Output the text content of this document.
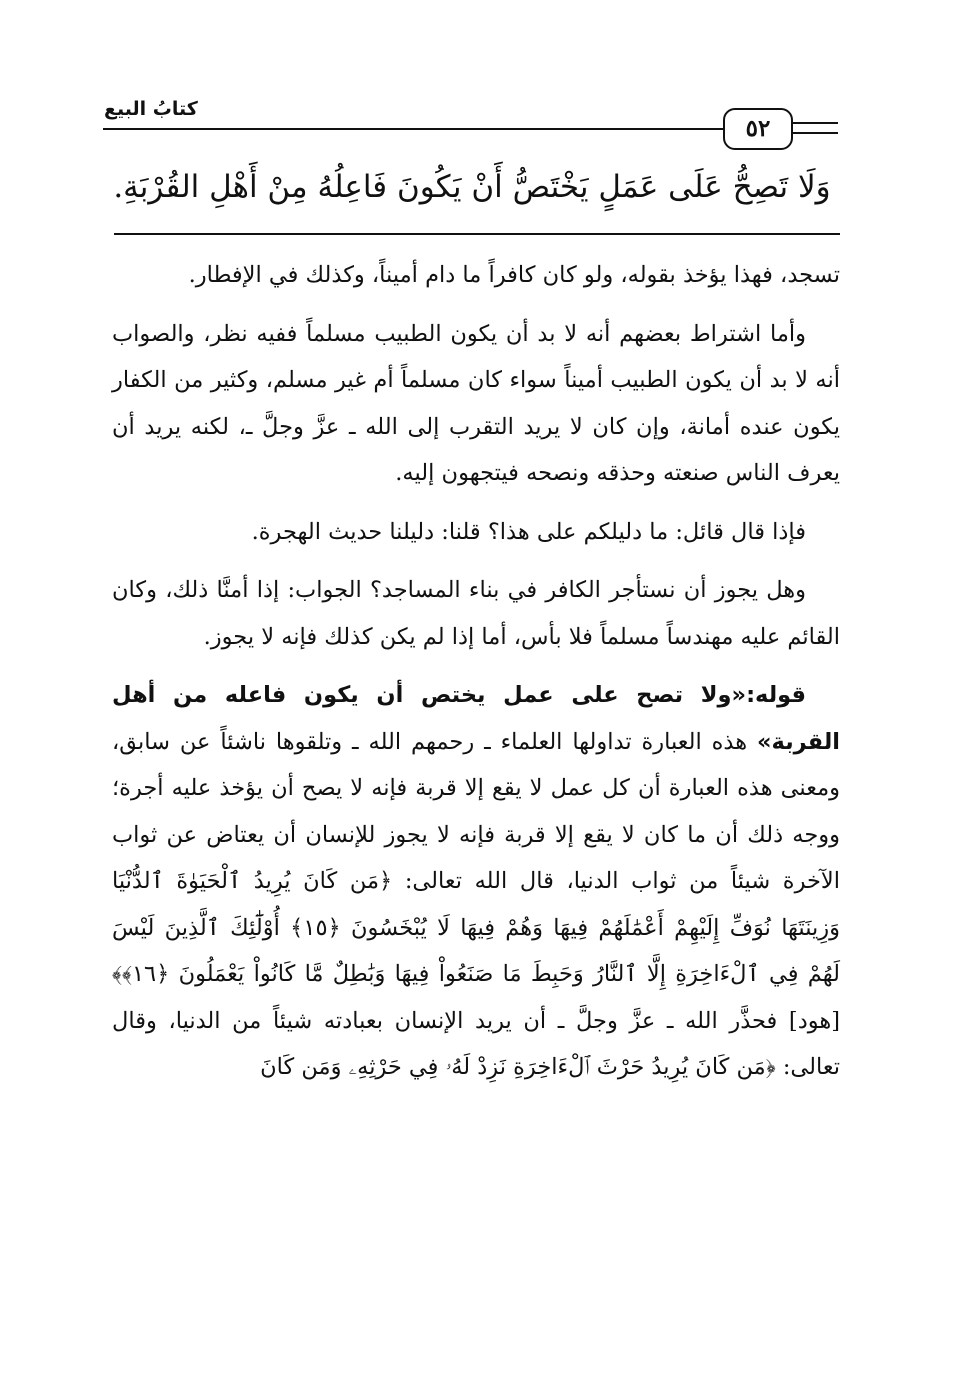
كتابُ البيع
٥٢
وَلَا تَصِحُّ عَلَى عَمَلٍ يَخْتَصُّ أَنْ يَكُونَ فَاعِلُهُ مِنْ أَهْلِ القُرْبَةِ.

تسجد، فهذا يؤخذ بقوله، ولو كان كافراً ما دام أميناً، وكذلك في الإفطار.

وأما اشتراط بعضهم أنه لا بد أن يكون الطبيب مسلماً ففيه نظر، والصواب أنه لا بد أن يكون الطبيب أميناً سواء كان مسلماً أم غير مسلم، وكثير من الكفار يكون عنده أمانة، وإن كان لا يريد التقرب إلى الله ـ عزَّ وجلَّ ـ، لكنه يريد أن يعرف الناس صنعته وحذقه ونصحه فيتجهون إليه.

فإذا قال قائل: ما دليلكم على هذا؟ قلنا: دليلنا حديث الهجرة.

وهل يجوز أن نستأجر الكافر في بناء المساجد؟ الجواب: إذا أمنَّا ذلك، وكان القائم عليه مهندساً مسلماً فلا بأس، أما إذا لم يكن كذلك فإنه لا يجوز.

قوله:«ولا تصح على عمل يختص أن يكون فاعله من أهل القربة» هذه العبارة تداولها العلماء ـ رحمهم الله ـ وتلقوها ناشئاً عن سابق، ومعنى هذه العبارة أن كل عمل لا يقع إلا قربة فإنه لا يصح أن يؤخذ عليه أجرة؛ ووجه ذلك أن ما كان لا يقع إلا قربة فإنه لا يجوز للإنسان أن يعتاض عن ثواب الآخرة شيئاً من ثواب الدنيا، قال الله تعالى: ﴿مَن كَانَ يُرِيدُ ٱلْحَيَوٰةَ ٱلدُّنْيَا وَزِينَتَهَا نُوَفِّ إِلَيْهِمْ أَعْمَٰلَهُمْ فِيهَا وَهُمْ فِيهَا لَا يُبْخَسُونَ ﴿١٥﴾ أُوْلَٰٓئِكَ ٱلَّذِينَ لَيْسَ لَهُمْ فِي ٱلْءَاخِرَةِ إِلَّا ٱلنَّارُ وَحَبِطَ مَا صَنَعُواْ فِيهَا وَبَٰطِلٌ مَّا كَانُواْ يَعْمَلُونَ ﴿١٦﴾﴾ [هود] فحذَّر الله ـ عزَّ وجلَّ ـ أن يريد الإنسان بعبادته شيئاً من الدنيا، وقال تعالى: ﴿مَن كَانَ يُرِيدُ حَرْثَ ٱلْءَاخِرَةِ نَزِدْ لَهُۥ فِي حَرْثِهِۦ وَمَن كَانَ
